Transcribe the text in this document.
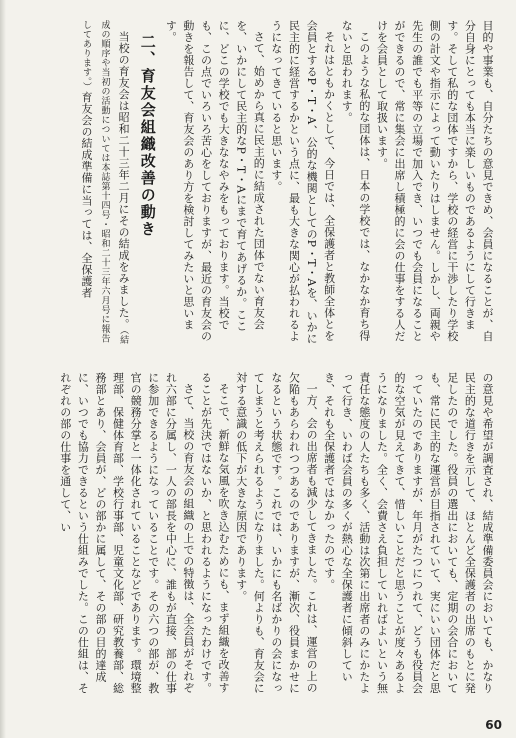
目的や事業も、自分たちの意見できめ、会員になることが、自分自身にとっても本当に楽しいものであるようにして行きます。そして私的な団体ですから、学校の経営に干渉したり学校側の計文や指示によって動いたりはしません。しかし、両親や先生の誰でも平等の立場で加入でき、いつでも会員になることができるので、常に集会に出席し積極的に会の仕事をする人だけを会員として取扱います。

このような私的な団体は、日本の学校では、なかなか育ち得ないと思われます。

それはともかくとして、今日では、全保護者と教師全体とを会員とするP・T・A、公的な機関としてのP・T・Aを、いかに民主的に経営するかという点に、最も大きな関心が払われるようになってきていると思います。

さて、始めから真に民主的に結成された団体でない育友会を、いかにして民主的なP・T・Aにまで育てあげるか。ここに、どこの学校でも大きななやみをもっております。当校でも、この点でいろいろ苦心をしておりますが、最近の育友会の動きを報告して、育友会のあり方を検討してみたいと思います。

二、育友会組織改善の動き

当校の育友会は昭和二十三年二月にその結成をみました。（結成の順序や当初の活動については本誌第十四号・昭和二十三年六月号に報告してあります。）育友会の結成準備に当っては、全保護者

の意見や希望が調査され、結成準備委員会においても、かなり民主的な道行きを示して、ほとんど全保護者の出席のもとに発足したのでした。役員の選出においても、定期の会合においても、常に民主的な運営が目指されていて、実にいい団体だと思っていたのでありますが、年月がたつにつれて、どうも役員会的な空気が見えてきて、惜しいことだと思うことが度々あるようになりました。全く、会費さえ負担していればよいという無責任な態度の人たちも多く、活動は次第に出席者のみにかたよって行き、いわば会員の多くが熱心な全保護者に傾斜していき、それも全保護者ではなかったのです。

一方、会の出席者も減少してきました。これは、運営の上の欠陥もあらわれつつあるのでありますが、漸次、役員まかせになるという状態です。これでは、いかにも名ばかりの会になってしまうと考えられるようになりました。何よりも、育友会に対する意識の低下が大きな原因であります。

そこで、新鮮な気風を吹き込むためにも、まず組織を改善することが先決ではないか、と思われるようになったわけです。

さて、当校の育友会の組織の上での特徴は、全会員がそれぞれ六部に分属し、一人の部長を中心に、誰もが直接、部の仕事に参加できるようになっていることです。その六つの部が、教官の競務分掌と一体化されていることなどであります。環境整理部、保健体育部、学校行事部、児童文化部、研究教養部、総務部とあり、会員が、どの部かに属して、その部の目的達成に、いつでも協力できるという仕組みでした。この仕組は、それぞれの部の仕事を通して、い

60
